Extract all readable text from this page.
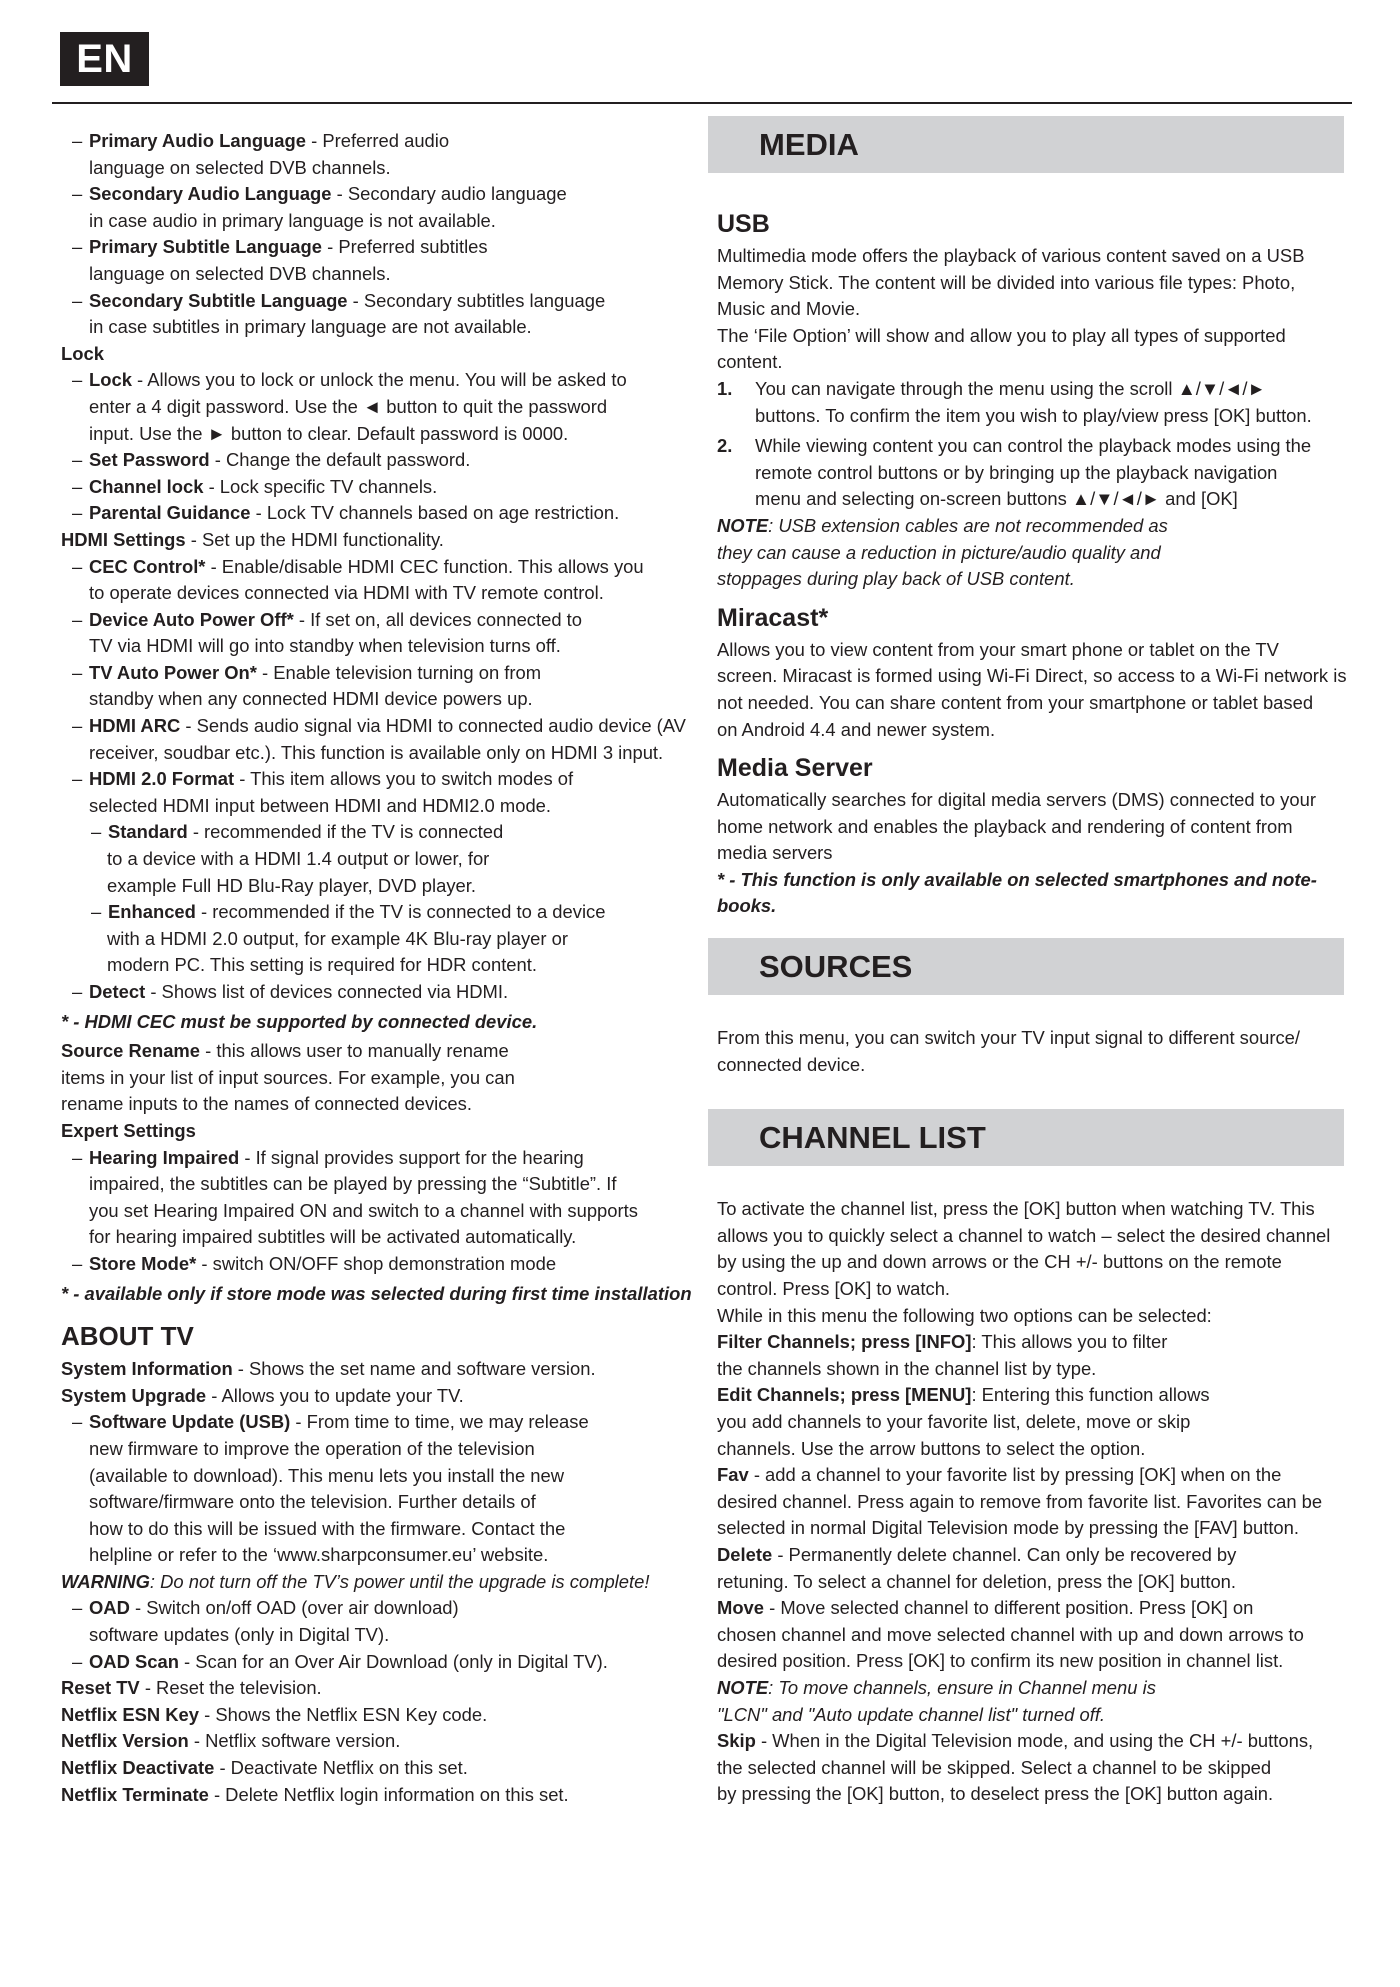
EN
– Primary Audio Language - Preferred audio
language on selected DVB channels.
– Secondary Audio Language - Secondary audio language
in case audio in primary language is not available.
– Primary Subtitle Language - Preferred subtitles
language on selected DVB channels.
– Secondary Subtitle Language - Secondary subtitles language
in case subtitles in primary language are not available.
Lock
– Lock - Allows you to lock or unlock the menu. You will be asked to
enter a 4 digit password. Use the ◄ button to quit the password
input. Use the ► button to clear. Default password is 0000.
– Set Password - Change the default password.
– Channel lock - Lock specific TV channels.
– Parental Guidance - Lock TV channels based on age restriction.
HDMI Settings - Set up the HDMI functionality.
– CEC Control* - Enable/disable HDMI CEC function. This allows you
to operate devices connected via HDMI with TV remote control.
– Device Auto Power Off* - If set on, all devices connected to
TV via HDMI will go into standby when television turns off.
– TV Auto Power On* - Enable television turning on from
standby when any connected HDMI device powers up.
– HDMI ARC - Sends audio signal via HDMI to connected audio device (AV
receiver, soudbar etc.). This function is available only on HDMI 3 input.
– HDMI 2.0 Format - This item allows you to switch modes of
selected HDMI input between HDMI and HDMI2.0 mode.
– Standard - recommended if the TV is connected
to a device with a HDMI 1.4 output or lower, for
example Full HD Blu-Ray player, DVD player.
– Enhanced - recommended if the TV is connected to a device
with a HDMI 2.0 output, for example 4K Blu-ray player or
modern PC. This setting is required for HDR content.
– Detect - Shows list of devices connected via HDMI.
* - HDMI CEC must be supported by connected device.
Source Rename - this allows user to manually rename
items in your list of input sources. For example, you can
rename inputs to the names of connected devices.
Expert Settings
– Hearing Impaired - If signal provides support for the hearing
impaired, the subtitles can be played by pressing the “Subtitle”. If
you set Hearing Impaired ON and switch to a channel with supports
for hearing impaired subtitles will be activated automatically.
– Store Mode* - switch ON/OFF shop demonstration mode
* - available only if store mode was selected during first time installation
ABOUT TV
System Information - Shows the set name and software version.
System Upgrade - Allows you to update your TV.
– Software Update (USB) - From time to time, we may release
new firmware to improve the operation of the television
(available to download). This menu lets you install the new
software/firmware onto the television. Further details of
how to do this will be issued with the firmware. Contact the
helpline or refer to the ‘www.sharpconsumer.eu’ website.
WARNING: Do not turn off the TV’s power until the upgrade is complete!
– OAD - Switch on/off OAD (over air download)
software updates (only in Digital TV).
– OAD Scan - Scan for an Over Air Download (only in Digital TV).
Reset TV - Reset the television.
Netflix ESN Key - Shows the Netflix ESN Key code.
Netflix Version - Netflix software version.
Netflix Deactivate - Deactivate Netflix on this set.
Netflix Terminate - Delete Netflix login information on this set.
MEDIA
USB
Multimedia mode offers the playback of various content saved on a USB
Memory Stick. The content will be divided into various file types: Photo,
Music and Movie.
The ‘File Option’ will show and allow you to play all types of supported
content.
1. You can navigate through the menu using the scroll ▲/▼/◄/►
buttons. To confirm the item you wish to play/view press [OK] button.
2. While viewing content you can control the playback modes using the
remote control buttons or by bringing up the playback navigation
menu and selecting on-screen buttons ▲/▼/◄/► and [OK]
NOTE: USB extension cables are not recommended as
they can cause a reduction in picture/audio quality and
stoppages during play back of USB content.
Miracast*
Allows you to view content from your smart phone or tablet on the TV
screen. Miracast is formed using Wi-Fi Direct, so access to a Wi-Fi network is
not needed. You can share content from your smartphone or tablet based
on Android 4.4 and newer system.
Media Server
Automatically searches for digital media servers (DMS) connected to your
home network and enables the playback and rendering of content from
media servers
* - This function is only available on selected smartphones and note-
books.
SOURCES
From this menu, you can switch your TV input signal to different source/
connected device.
CHANNEL LIST
To activate the channel list, press the [OK] button when watching TV. This
allows you to quickly select a channel to watch – select the desired channel
by using the up and down arrows or the CH +/- buttons on the remote
control. Press [OK] to watch.
While in this menu the following two options can be selected:
Filter Channels; press [INFO]: This allows you to filter
the channels shown in the channel list by type.
Edit Channels; press [MENU]: Entering this function allows
you add channels to your favorite list, delete, move or skip
channels. Use the arrow buttons to select the option.
Fav - add a channel to your favorite list by pressing [OK] when on the
desired channel. Press again to remove from favorite list. Favorites can be
selected in normal Digital Television mode by pressing the [FAV] button.
Delete - Permanently delete channel. Can only be recovered by
retuning. To select a channel for deletion, press the [OK] button.
Move - Move selected channel to different position. Press [OK] on
chosen channel and move selected channel with up and down arrows to
desired position. Press [OK] to confirm its new position in channel list.
NOTE: To move channels, ensure in Channel menu is
"LCN" and "Auto update channel list" turned off.
Skip - When in the Digital Television mode, and using the CH +/- buttons,
the selected channel will be skipped. Select a channel to be skipped
by pressing the [OK] button, to deselect press the [OK] button again.
